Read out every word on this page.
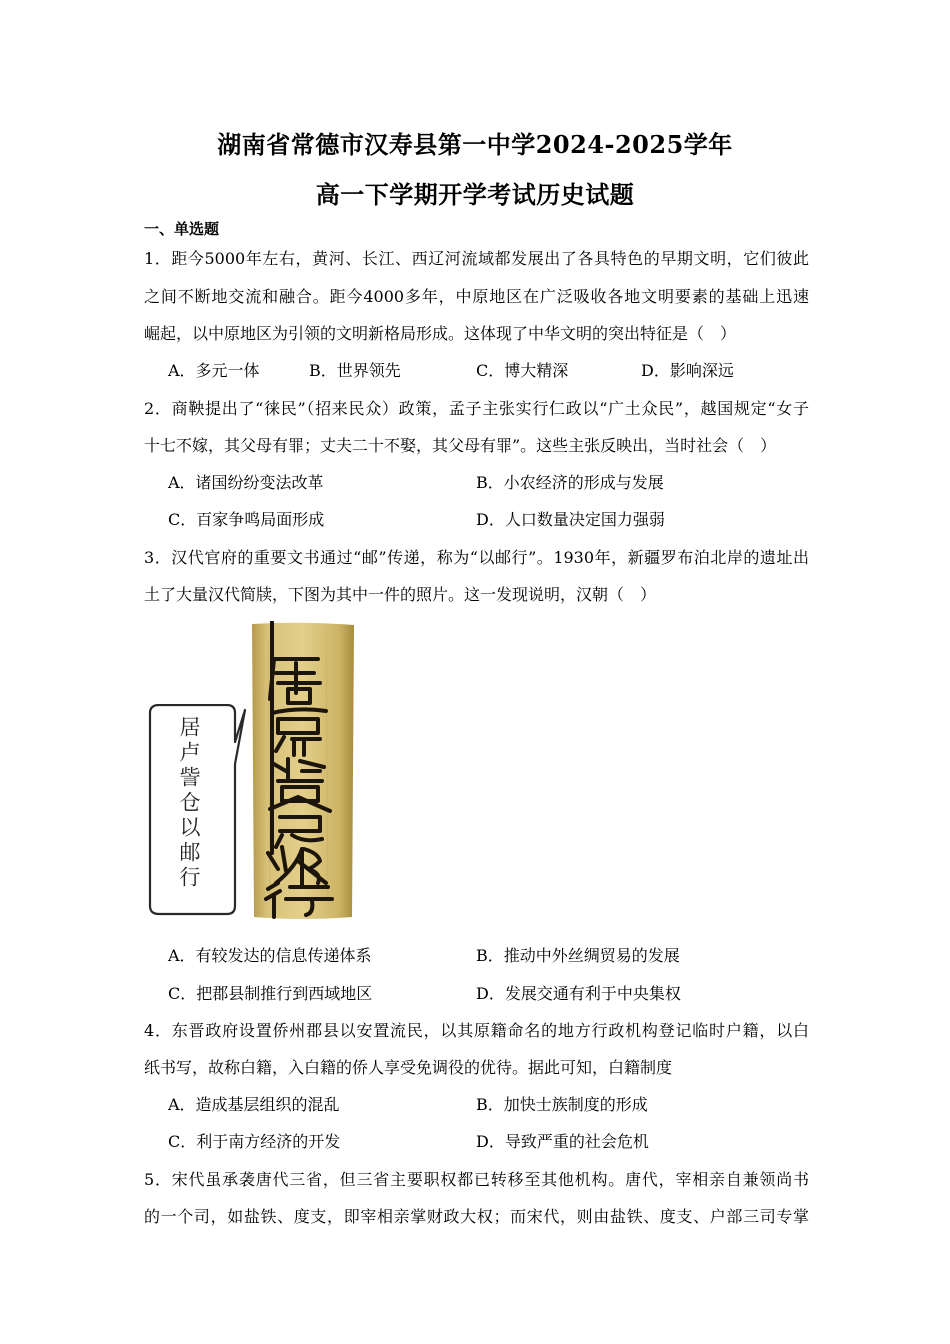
湖南省常德市汉寿县第一中学2024-2025学年
高一下学期开学考试历史试题
一、单选题
1．距今5000年左右，黄河、长江、西辽河流域都发展出了各具特色的早期文明，它们彼此
之间不断地交流和融合。距今4000多年，中原地区在广泛吸收各地文明要素的基础上迅速
崛起，以中原地区为引领的文明新格局形成。这体现了中华文明的突出特征是（　）
A．多元一体	B．世界领先	C．博大精深	D．影响深远
2．商鞅提出了“徕民”（招来民众）政策，孟子主张实行仁政以“广土众民”，越国规定“女子
十七不嫁，其父母有罪；丈夫二十不娶，其父母有罪”。这些主张反映出，当时社会（　）
A．诸国纷纷变法改革	B．小农经济的形成与发展
C．百家争鸣局面形成	D．人口数量决定国力强弱
3．汉代官府的重要文书通过“邮”传递，称为“以邮行”。1930年，新疆罗布泊北岸的遗址出
土了大量汉代简牍，下图为其中一件的照片。这一发现说明，汉朝（　）
居卢訾仓以邮行
A．有较发达的信息传递体系	B．推动中外丝绸贸易的发展
C．把郡县制推行到西域地区	D．发展交通有利于中央集权
4．东晋政府设置侨州郡县以安置流民，以其原籍命名的地方行政机构登记临时户籍，以白
纸书写，故称白籍，入白籍的侨人享受免调役的优待。据此可知，白籍制度
A．造成基层组织的混乱	B．加快士族制度的形成
C．利于南方经济的开发	D．导致严重的社会危机
5．宋代虽承袭唐代三省，但三省主要职权都已转移至其他机构。唐代，宰相亲自兼领尚书
的一个司，如盐铁、度支，即宰相亲掌财政大权；而宋代，则由盐铁、度支、户部三司专掌
